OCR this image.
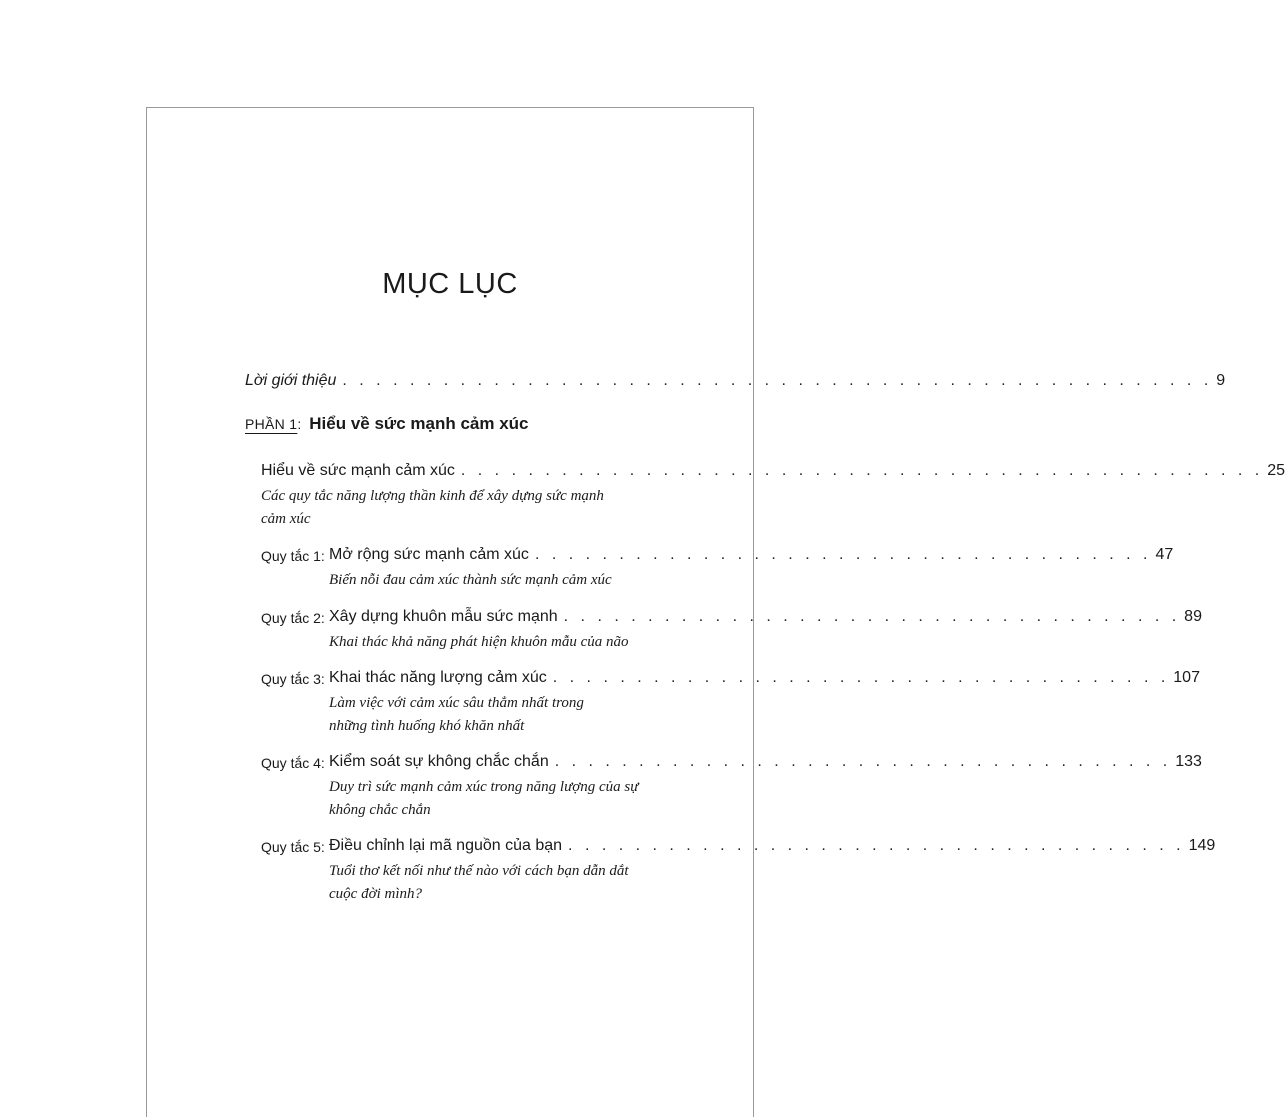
MỤC LỤC
Lời giới thiệu . . . . . . . . . . . . . . . . . . . . . . . . . . . . . . . . . . . . . . . . . . . . . . . . . . . . 9
PHẦN 1 : Hiểu về sức mạnh cảm xúc
Hiểu về sức mạnh cảm xúc . . . . . . . . . . . . . . . . . . . . . . . . . . . . . . . . . . . . . . . . . . . . . . . . 25
Các quy tắc năng lượng thần kinh để xây dựng sức mạnh cảm xúc
Quy tắc 1: Mở rộng sức mạnh cảm xúc . . . . . . . . . . . . . . . . . . . . . . . . . . . . . . . . . . . . . 47
Biến nỗi đau cảm xúc thành sức mạnh cảm xúc
Quy tắc 2: Xây dựng khuôn mẫu sức mạnh . . . . . . . . . . . . . . . . . . . . . . . . . . . . . . . . . . . . . 89
Khai thác khả năng phát hiện khuôn mẫu của não
Quy tắc 3: Khai thác năng lượng cảm xúc . . . . . . . . . . . . . . . . . . . . . . . . . . . . . . . . . . . . . 107
Làm việc với cảm xúc sâu thẳm nhất trong những tình huống khó khăn nhất
Quy tắc 4: Kiểm soát sự không chắc chắn . . . . . . . . . . . . . . . . . . . . . . . . . . . . . . . . . . . . . 133
Duy trì sức mạnh cảm xúc trong năng lượng của sự không chắc chắn
Quy tắc 5: Điều chỉnh lại mã nguồn của bạn . . . . . . . . . . . . . . . . . . . . . . . . . . . . . . . . . . . . . 149
Tuổi thơ kết nối như thế nào với cách bạn dẫn dắt cuộc đời mình?
